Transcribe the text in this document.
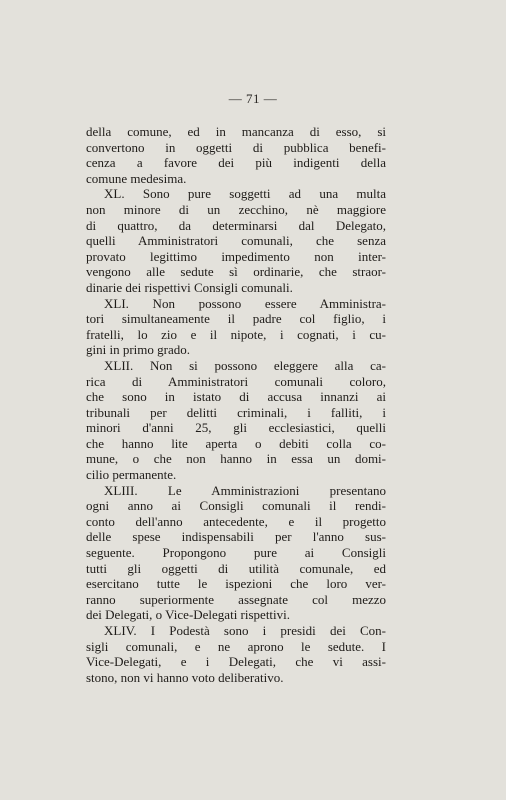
— 71 —
della comune, ed in mancanza di esso, si
convertono in oggetti di pubblica benefi-
cenza a favore dei più indigenti della
comune medesima.
XL. Sono pure soggetti ad una multa
non minore di un zecchino, nè maggiore
di quattro, da determinarsi dal Delegato,
quelli Amministratori comunali, che senza
provato legittimo impedimento non inter-
vengono alle sedute sì ordinarie, che straor-
dinarie dei rispettivi Consigli comunali.
XLI. Non possono essere Amministra-
tori simultaneamente il padre col figlio, i
fratelli, lo zio e il nipote, i cognati, i cu-
gini in primo grado.
XLII. Non si possono eleggere alla ca-
rica di Amministratori comunali coloro,
che sono in istato di accusa innanzi ai
tribunali per delitti criminali, i falliti, i
minori d'anni 25, gli ecclesiastici, quelli
che hanno lite aperta o debiti colla co-
mune, o che non hanno in essa un domi-
cilio permanente.
XLIII. Le Amministrazioni presentano
ogni anno ai Consigli comunali il rendi-
conto dell'anno antecedente, e il progetto
delle spese indispensabili per l'anno sus-
seguente. Propongono pure ai Consigli
tutti gli oggetti di utilità comunale, ed
esercitano tutte le ispezioni che loro ver-
ranno superiormente assegnate col mezzo
dei Delegati, o Vice-Delegati rispettivi.
XLIV. I Podestà sono i presidi dei Con-
sigli comunali, e ne aprono le sedute. I
Vice-Delegati, e i Delegati, che vi assi-
stono, non vi hanno voto deliberativo.
